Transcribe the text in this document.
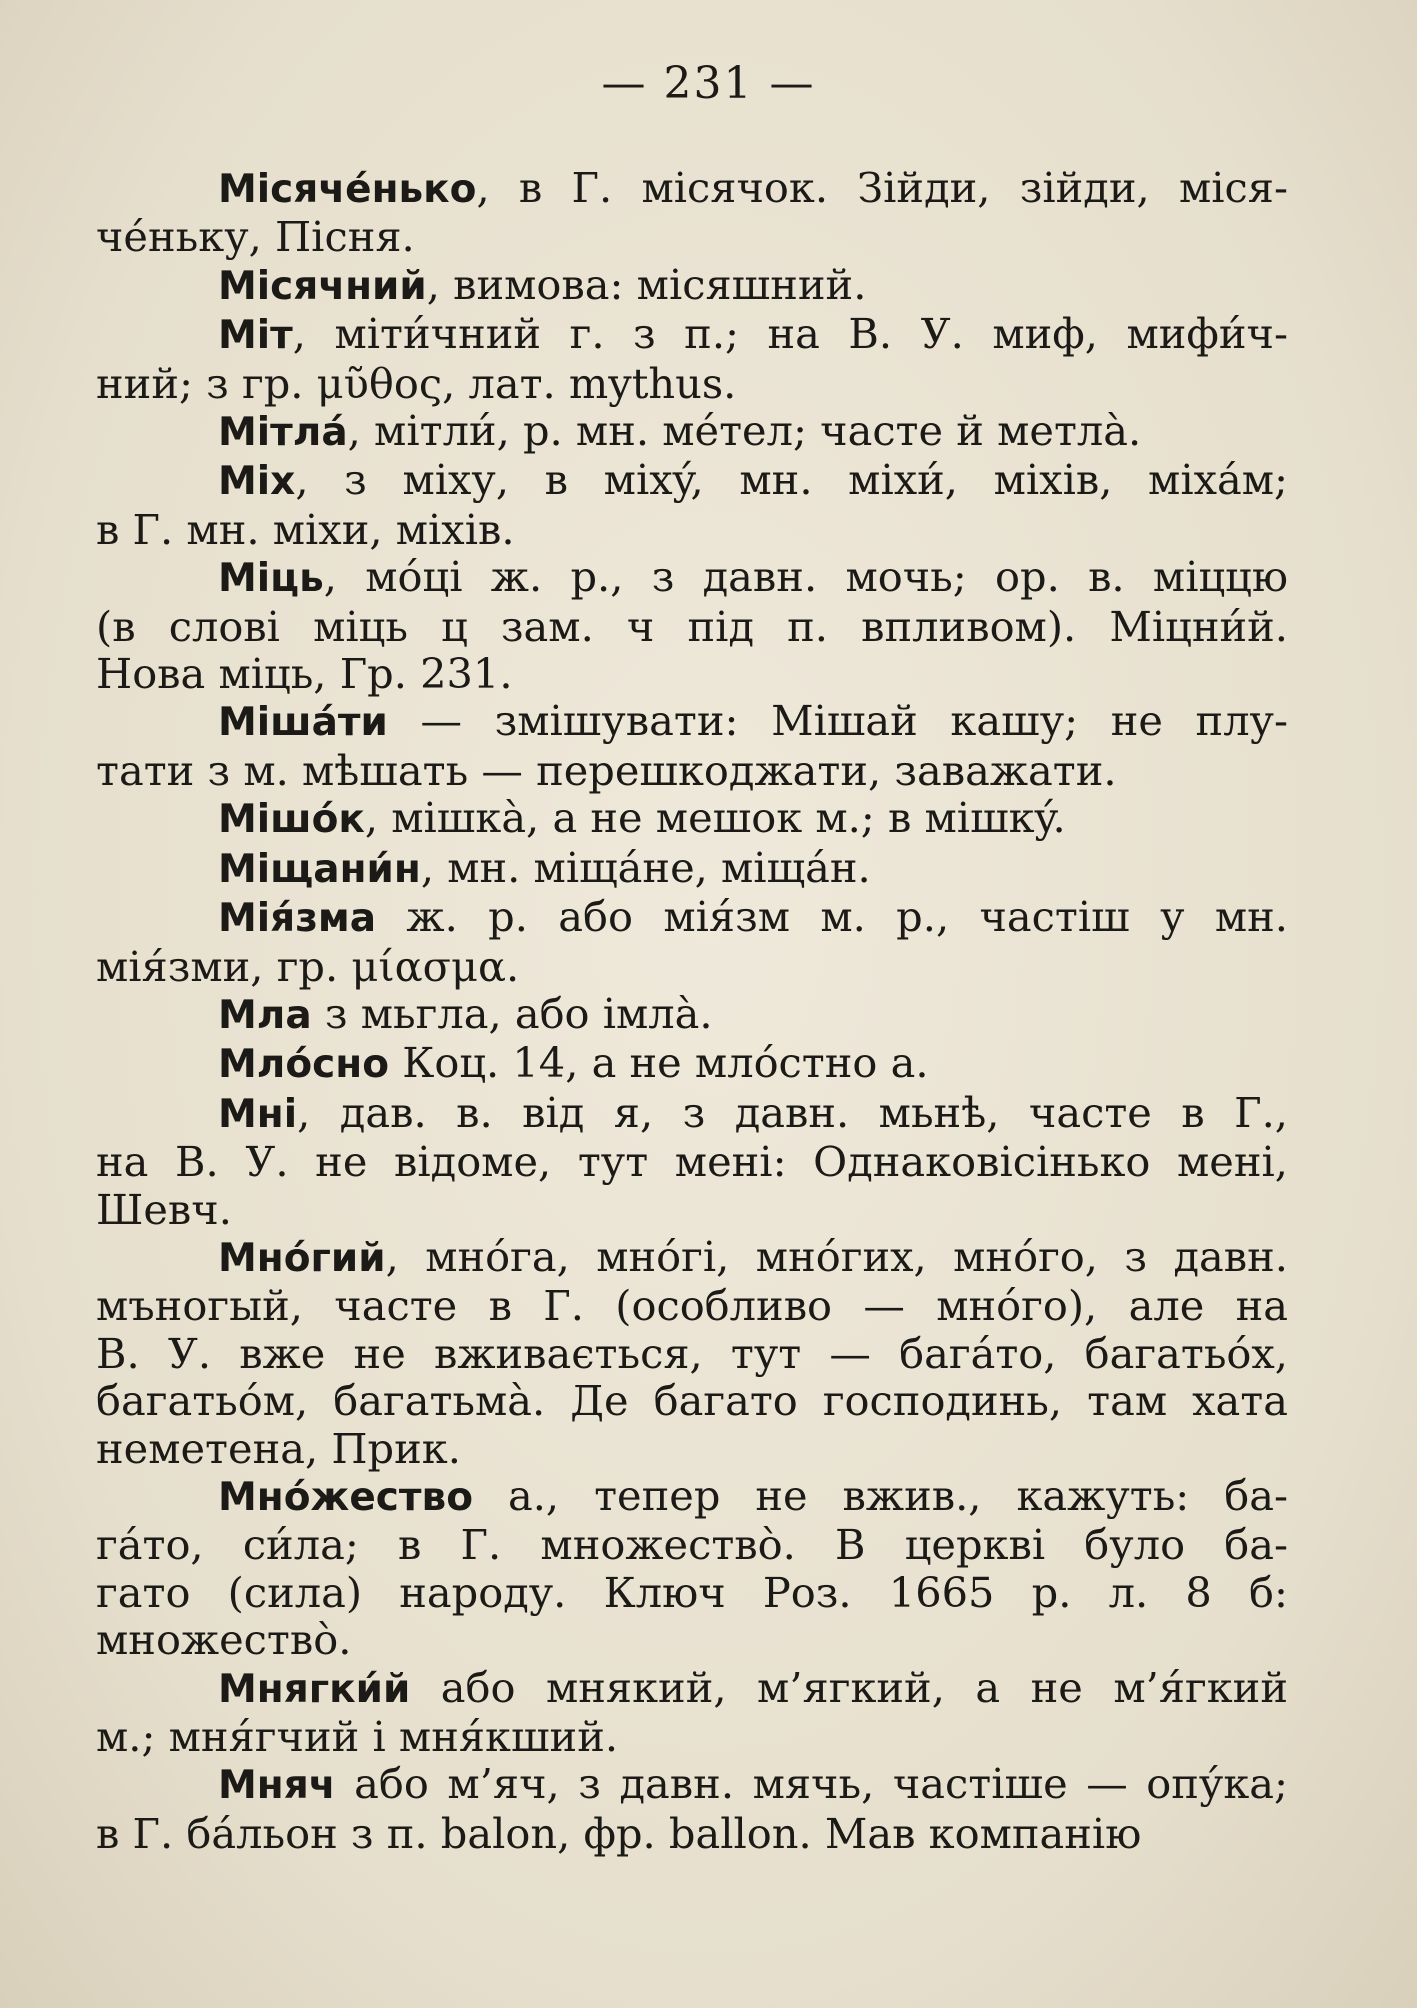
— 231 —
Місяче́нько, в Г. місячок. Зійди, зійди, міся-
че́ньку, Пісня.
Місячний, вимова: місяшний.
Міт, міти́чний г. з п.; на В. У. миф, мифи́ч-
ний; з гр. μῦθος, лат. mythus.
Мітла́, мітли́, р. мн. ме́тел; часте й метла̀.
Міх, з міху, в міхý, мн. міхи́, міхів, міха́м;
в Г. мн. міхи, міхів.
Міць, мо́ці ж. р., з давн. мочь; ор. в. міццю
(в слові міць ц зам. ч під п. впливом). Міцни́й.
Нова міць, Гр. 231.
Міша́ти — змішувати: Мішай кашу; не плу-
тати з м. мѣшать — перешкоджати, заважати.
Мішо́к, мішка̀, а не мешок м.; в мішкý.
Міщани́н, мн. міща́не, міща́н.
Мія́зма ж. р. або мія́зм м. р., частіш у мн.
мія́зми, гр. μίασμα.
Мла з мьгла, або імла̀.
Мло́сно Коц. 14, а не мло́стно а.
Мні, дав. в. від я, з давн. мьнѣ, часте в Г.,
на В. У. не відоме, тут мені: Однаковісінько мені,
Шевч.
Мно́гий, мно́га, мно́гі, мно́гих, мно́го, з давн.
мъногый, часте в Г. (особливо — мно́го), але на
В. У. вже не вживається, тут — бага́то, багатьо́х,
багатьо́м, багатьма̀. Де багато господинь, там хата
неметена, Прик.
Мно́жество а., тепер не вжив., кажуть: ба-
га́то, си́ла; в Г. множество̀. В церкві було ба-
гато (сила) народу. Ключ Роз. 1665 р. л. 8 б:
множество̀.
Мнягки́й або мнякий, м’ягкий, а не м’я́гкий
м.; мня́гчий і мня́кший.
Мняч або м’яч, з давн. мячь, частіше — опу́ка;
в Г. ба́льон з п. balon, фр. ballon. Мав компанію
